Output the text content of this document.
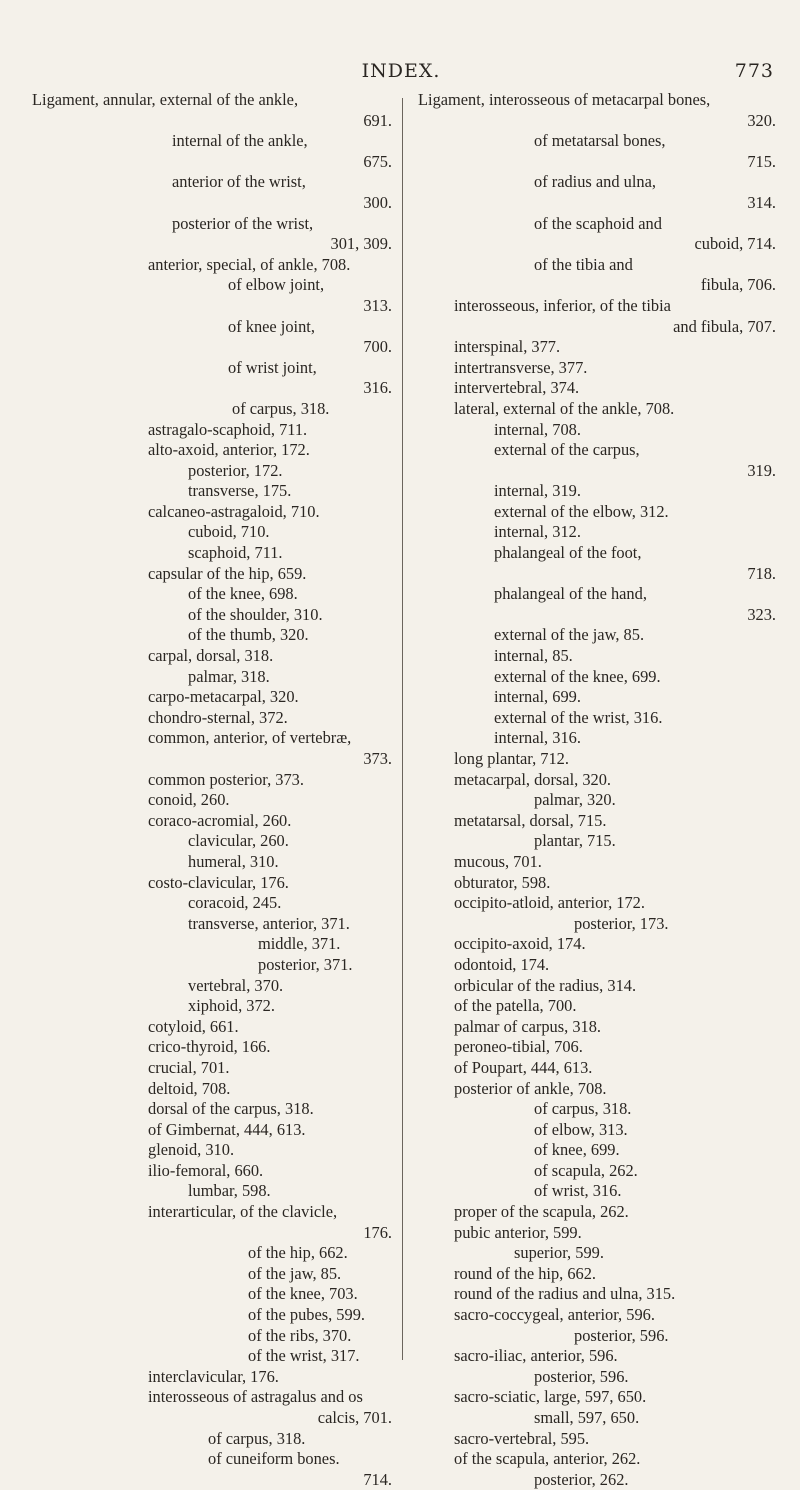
INDEX.	773
Ligament, annular, external of the ankle,
691.
internal of the ankle,
675.
anterior of the wrist,
300.
posterior of the wrist,
301, 309.
anterior, special, of ankle, 708.
of elbow joint,
313.
of knee joint,
700.
of wrist joint,
316.
of carpus, 318.
astragalo-scaphoid, 711.
alto-axoid, anterior, 172.
posterior, 172.
transverse, 175.
calcaneo-astragaloid, 710.
cuboid, 710.
scaphoid, 711.
capsular of the hip, 659.
of the knee, 698.
of the shoulder, 310.
of the thumb, 320.
carpal, dorsal, 318.
palmar, 318.
carpo-metacarpal, 320.
chondro-sternal, 372.
common, anterior, of vertebræ,
373.
common posterior, 373.
conoid, 260.
coraco-acromial, 260.
clavicular, 260.
humeral, 310.
costo-clavicular, 176.
coracoid, 245.
transverse, anterior, 371.
middle, 371.
posterior, 371.
vertebral, 370.
xiphoid, 372.
cotyloid, 661.
crico-thyroid, 166.
crucial, 701.
deltoid, 708.
dorsal of the carpus, 318.
of Gimbernat, 444, 613.
glenoid, 310.
ilio-femoral, 660.
lumbar, 598.
interarticular, of the clavicle,
176.
of the hip, 662.
of the jaw, 85.
of the knee, 703.
of the pubes, 599.
of the ribs, 370.
of the wrist, 317.
interclavicular, 176.
interosseous of astragalus and os
calcis, 701.
of carpus, 318.
of cuneiform bones.
714.
Ligament, interosseous of metacarpal bones,
320.
of metatarsal bones,
715.
of radius and ulna,
314.
of the scaphoid and
cuboid, 714.
of the tibia and
fibula, 706.
interosseous, inferior, of the tibia
and fibula, 707.
interspinal, 377.
intertransverse, 377.
intervertebral, 374.
lateral, external of the ankle, 708.
internal, 708.
external of the carpus,
319.
internal, 319.
external of the elbow, 312.
internal, 312.
phalangeal of the foot,
718.
phalangeal of the hand,
323.
external of the jaw, 85.
internal, 85.
external of the knee, 699.
internal, 699.
external of the wrist, 316.
internal, 316.
long plantar, 712.
metacarpal, dorsal, 320.
palmar, 320.
metatarsal, dorsal, 715.
plantar, 715.
mucous, 701.
obturator, 598.
occipito-atloid, anterior, 172.
posterior, 173.
occipito-axoid, 174.
odontoid, 174.
orbicular of the radius, 314.
of the patella, 700.
palmar of carpus, 318.
peroneo-tibial, 706.
of Poupart, 444, 613.
posterior of ankle, 708.
of carpus, 318.
of elbow, 313.
of knee, 699.
of scapula, 262.
of wrist, 316.
proper of the scapula, 262.
pubic anterior, 599.
superior, 599.
round of the hip, 662.
round of the radius and ulna, 315.
sacro-coccygeal, anterior, 596.
posterior, 596.
sacro-iliac, anterior, 596.
posterior, 596.
sacro-sciatic, large, 597, 650.
small, 597, 650.
sacro-vertebral, 595.
of the scapula, anterior, 262.
posterior, 262.
